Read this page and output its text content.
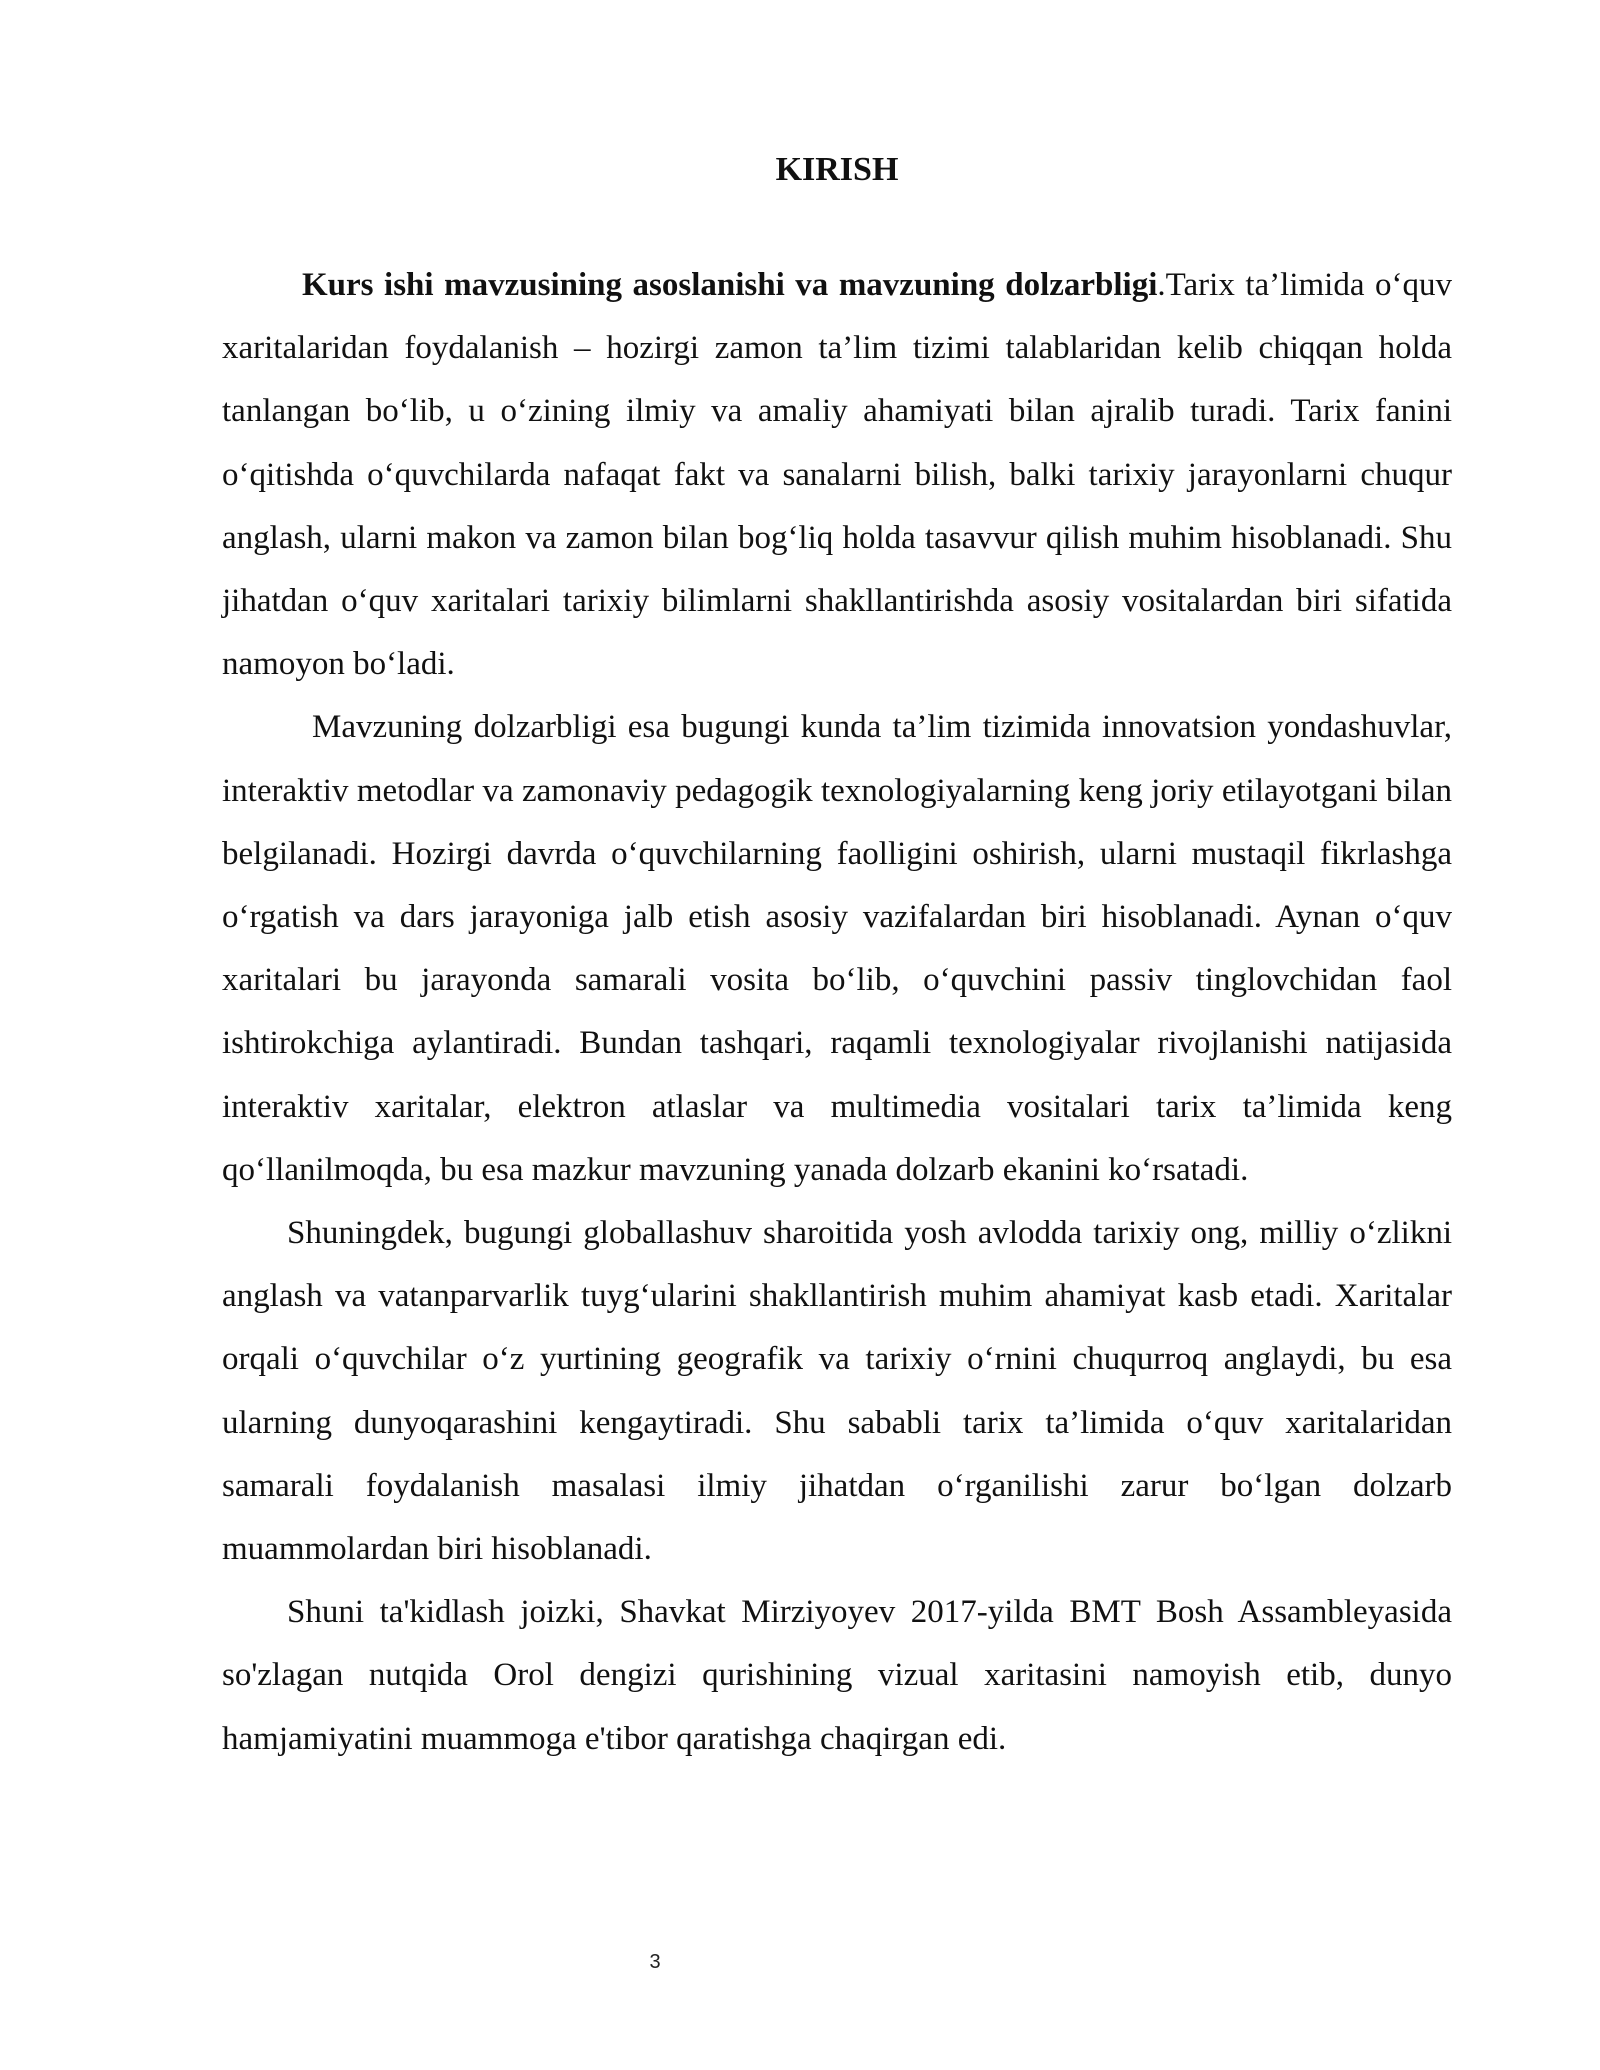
KIRISH

Kurs ishi mavzusining asoslanishi va mavzuning dolzarbligi.Tarix ta’limida o‘quv xaritalaridan foydalanish – hozirgi zamon ta’lim tizimi talablaridan kelib chiqqan holda tanlangan bo‘lib, u o‘zining ilmiy va amaliy ahamiyati bilan ajralib turadi. Tarix fanini o‘qitishda o‘quvchilarda nafaqat fakt va sanalarni bilish, balki tarixiy jarayonlarni chuqur anglash, ularni makon va zamon bilan bog‘liq holda tasavvur qilish muhim hisoblanadi. Shu jihatdan o‘quv xaritalari tarixiy bilimlarni shakllantirishda asosiy vositalardan biri sifatida namoyon bo‘ladi.

Mavzuning dolzarbligi esa bugungi kunda ta’lim tizimida innovatsion yondashuvlar, interaktiv metodlar va zamonaviy pedagogik texnologiyalarning keng joriy etilayotgani bilan belgilanadi. Hozirgi davrda o‘quvchilarning faolligini oshirish, ularni mustaqil fikrlashga o‘rgatish va dars jarayoniga jalb etish asosiy vazifalardan biri hisoblanadi. Aynan o‘quv xaritalari bu jarayonda samarali vosita bo‘lib, o‘quvchini passiv tinglovchidan faol ishtirokchiga aylantiradi. Bundan tashqari, raqamli texnologiyalar rivojlanishi natijasida interaktiv xaritalar, elektron atlaslar va multimedia vositalari tarix ta’limida keng qo‘llanilmoqda, bu esa mazkur mavzuning yanada dolzarb ekanini ko‘rsatadi.

Shuningdek, bugungi globallashuv sharoitida yosh avlodda tarixiy ong, milliy o‘zlikni anglash va vatanparvarlik tuyg‘ularini shakllantirish muhim ahamiyat kasb etadi. Xaritalar orqali o‘quvchilar o‘z yurtining geografik va tarixiy o‘rnini chuqurroq anglaydi, bu esa ularning dunyoqarashini kengaytiradi. Shu sababli tarix ta’limida o‘quv xaritalaridan samarali foydalanish masalasi ilmiy jihatdan o‘rganilishi zarur bo‘lgan dolzarb muammolardan biri hisoblanadi.

Shuni ta'kidlash joizki, Shavkat Mirziyoyev 2017-yilda BMT Bosh Assambleyasida so'zlagan nutqida Orol dengizi qurishining vizual xaritasini namoyish etib, dunyo hamjamiyatini muammoga e'tibor qaratishga chaqirgan edi.

3
